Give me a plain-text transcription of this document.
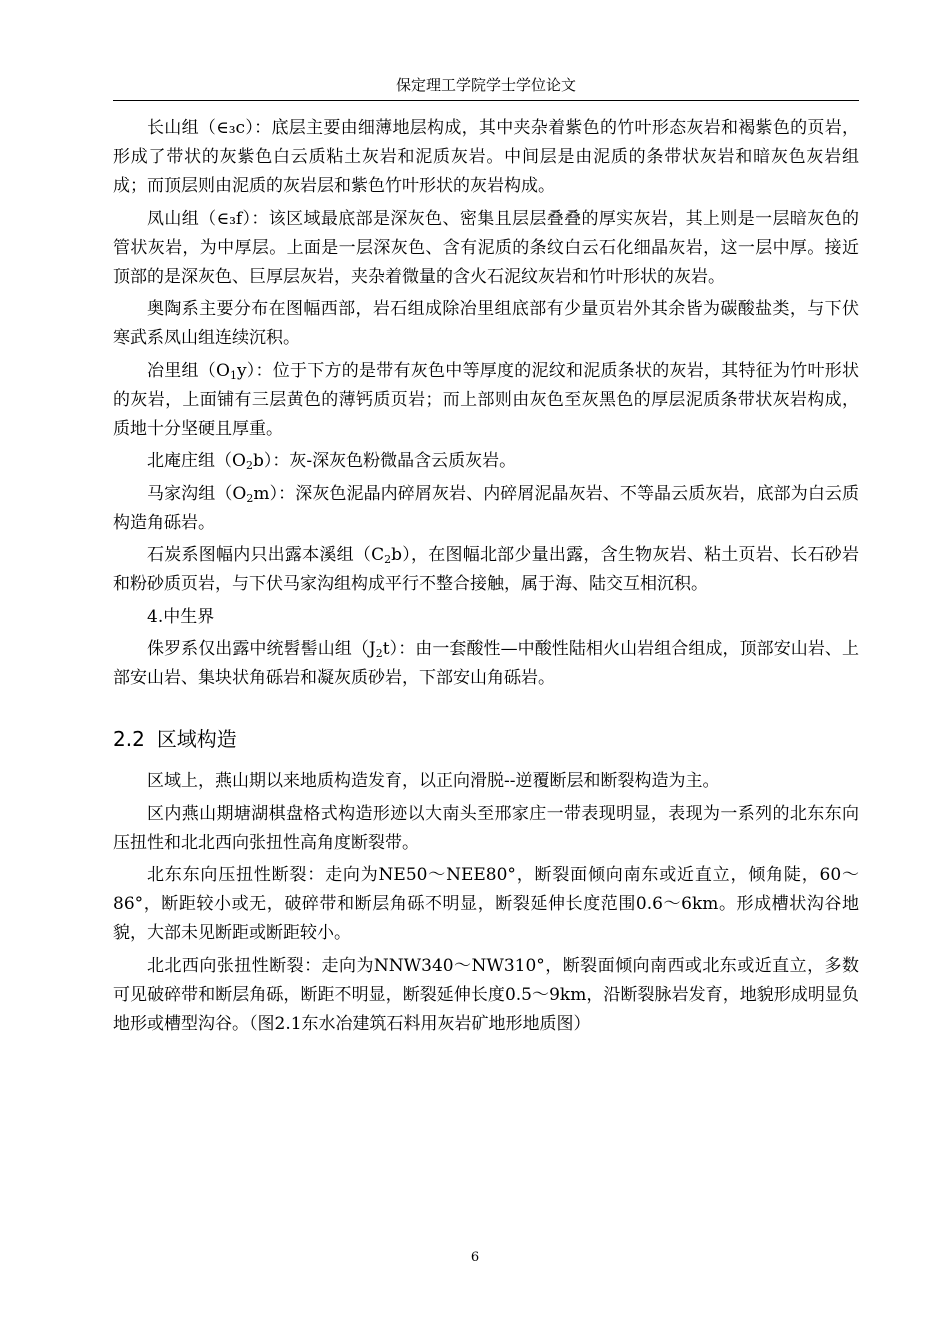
保定理工学院学士学位论文

长山组（∈₃c）：底层主要由细薄地层构成，其中夹杂着紫色的竹叶形态灰岩和褐紫色的页岩，形成了带状的灰紫色白云质粘土灰岩和泥质灰岩。中间层是由泥质的条带状灰岩和暗灰色灰岩组成；而顶层则由泥质的灰岩层和紫色竹叶形状的灰岩构成。

凤山组（∈₃f）：该区域最底部是深灰色、密集且层层叠叠的厚实灰岩，其上则是一层暗灰色的管状灰岩，为中厚层。上面是一层深灰色、含有泥质的条纹白云石化细晶灰岩，这一层中厚。接近顶部的是深灰色、巨厚层灰岩，夹杂着微量的含火石泥纹灰岩和竹叶形状的灰岩。

奥陶系主要分布在图幅西部，岩石组成除冶里组底部有少量页岩外其余皆为碳酸盐类，与下伏寒武系凤山组连续沉积。

冶里组$(O_1y)$：位于下方的是带有灰色中等厚度的泥纹和泥质条状的灰岩，其特征为竹叶形状的灰岩，上面铺有三层黄色的薄钙质页岩；而上部则由灰色至灰黑色的厚层泥质条带状灰岩构成，质地十分坚硬且厚重。

北庵庄组$(O_2b)$：灰-深灰色粉微晶含云质灰岩。

马家沟组$(O_2m)$：深灰色泥晶内碎屑灰岩、内碎屑泥晶灰岩、不等晶云质灰岩，底部为白云质构造角砾岩。

石炭系图幅内只出露本溪组$(C_2b)$，在图幅北部少量出露，含生物灰岩、粘土页岩、长石砂岩和粉砂质页岩，与下伏马家沟组构成平行不整合接触，属于海、陆交互相沉积。

4.中生界

侏罗系仅出露中统髫髻山组$(J_2t)$：由一套酸性—中酸性陆相火山岩组合组成，顶部安山岩、上部安山岩、集块状角砾岩和凝灰质砂岩，下部安山角砾岩。

2.2 区域构造

区域上，燕山期以来地质构造发育，以正向滑脱--逆覆断层和断裂构造为主。

区内燕山期塘湖棋盘格式构造形迹以大南头至邢家庄一带表现明显，表现为一系列的北东东向压扭性和北北西向张扭性高角度断裂带。

北东东向压扭性断裂：走向为NE50～NEE80°，断裂面倾向南东或近直立，倾角陡，60～86°，断距较小或无，破碎带和断层角砾不明显，断裂延伸长度范围0.6～6km。形成槽状沟谷地貌，大部未见断距或断距较小。

北北西向张扭性断裂：走向为NNW340～NW310°，断裂面倾向南西或北东或近直立，多数可见破碎带和断层角砾，断距不明显，断裂延伸长度0.5～9km，沿断裂脉岩发育，地貌形成明显负地形或槽型沟谷。（图2.1东水冶建筑石料用灰岩矿地形地质图）

6
